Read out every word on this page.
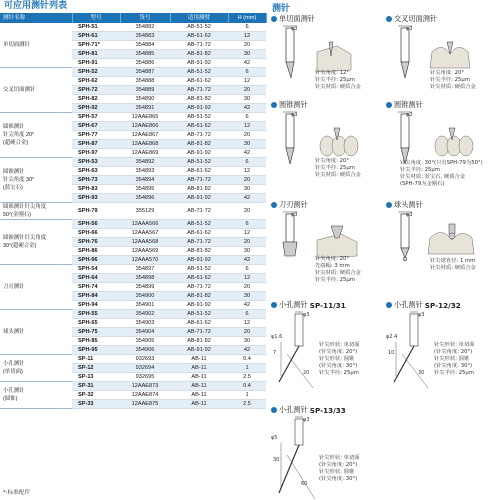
可应用测针列表
测针名称	型号	货号	适用测臂	H (mm)
单切面测针	SPH-51	354882	AB-51·52	6
	SPH-61	354883	AB-61·62	12
	SPH-71*	354884	AB-71·72	20
	SPH-81	354885	AB-81·82	30
	SPH-91	354886	AB-91·92	42
交叉切面测针	SPH-52	354887	AB-51·52	6
	SPH-62	354888	AB-61·62	12
	SPH-72	354889	AB-71·72	20
	SPH-82	354890	AB-81·82	30
	SPH-92	354891	AB-91·92	42
圆锥测针
针尖角度 20°
(超硬合金)	SPH-57	12AAE865	AB-51·52	6
	SPH-67	12AAE866	AB-61·62	12
	SPH-77	12AAE867	AB-71·72	20
	SPH-87	12AAE868	AB-81·82	30
	SPH-97	12AAE869	AB-91·92	42
圆锥测针
针尖角度 30°
(蓝宝石)	SPH-53	354892	AB-51·52	6
	SPH-63	354893	AB-61·62	12
	SPH-73	354894	AB-71·72	20
	SPH-83	354895	AB-81·82	30
	SPH-93	354896	AB-91·92	42
圆锥测针针尖角度
50°(金刚石)	SPH-79	355129	AB-71·72	20
圆锥测针针尖角度
30°(超硬合金)	SPH-56	12AAA566	AB-51·52	6
	SPH-66	12AAA567	AB-61·62	12
	SPH-76	12AAA568	AB-71·72	20
	SPH-86	12AAA569	AB-81·82	30
	SPH-96	12AAA570	AB-91·92	42
刀刃测针	SPH-54	354897	AB-51·52	6
	SPH-64	354898	AB-61·62	12
	SPH-74	354899	AB-71·72	20
	SPH-84	354900	AB-81·82	30
	SPH-94	354901	AB-91·92	42
球头测针	SPH-55	354902	AB-51·52	6
	SPH-65	354903	AB-61·62	12
	SPH-75	354904	AB-71·72	20
	SPH-85	354905	AB-81·82	30
	SPH-95	354906	AB-91·92	42
小孔测针
(单切面)	SP-11	932693	AB-11	0.4
	SP-12	932694	AB-11	1
	SP-13	932695	AB-11	2.5
小孔测针
(圆锥)	SP-31	12AAE873	AB-11	0.4
	SP-32	12AAE874	AB-11	1
	SP-33	12AAE875	AB-11	2.5
*:标准配件
测针
单切面测针
φ3
针尖角度: 12°
针尖半径: 25μm
针尖材质: 硬质合金
交叉切面测针
φ3
针尖角度: 20°
针尖半径: 25μm
针尖材质: 硬质合金
圆锥测针
φ3
针尖角度: 20°
针尖半径: 25μm
针尖材质: 硬质合金
圆锥测针
φ3
针尖角度: 30°(只有SPH-79为50°)
针尖半径: 25μm
针尖材质: 蓝宝石, 硬质合金
(SPH-79为金刚石)
刀刃测针
φ3
针尖角度: 20°
先端幅: 3 mm
针尖材质: 硬质合金
针尖半径: 25μm
球头测针
φ3
针尖球直径: 1 mm
针尖材质: 硬质合金
小孔测针 SP-11/31
φ3
φ1.6
7
20
针尖形状: 单切面
(针尖角度: 20°)
针尖形状: 圆锥
(针尖角度: 30°)
针尖半径: 25μm
小孔测针 SP-12/32
φ3
φ2.4
10
30
针尖形状: 单切面
(针尖角度: 20°)
针尖形状: 圆锥
(针尖角度: 30°)
针尖半径: 25μm
小孔测针 SP-13/33
φ3
φ5
30
60
针尖形状: 单切面
(针尖角度: 20°)
针尖形状: 圆锥
(针尖角度: 30°)
